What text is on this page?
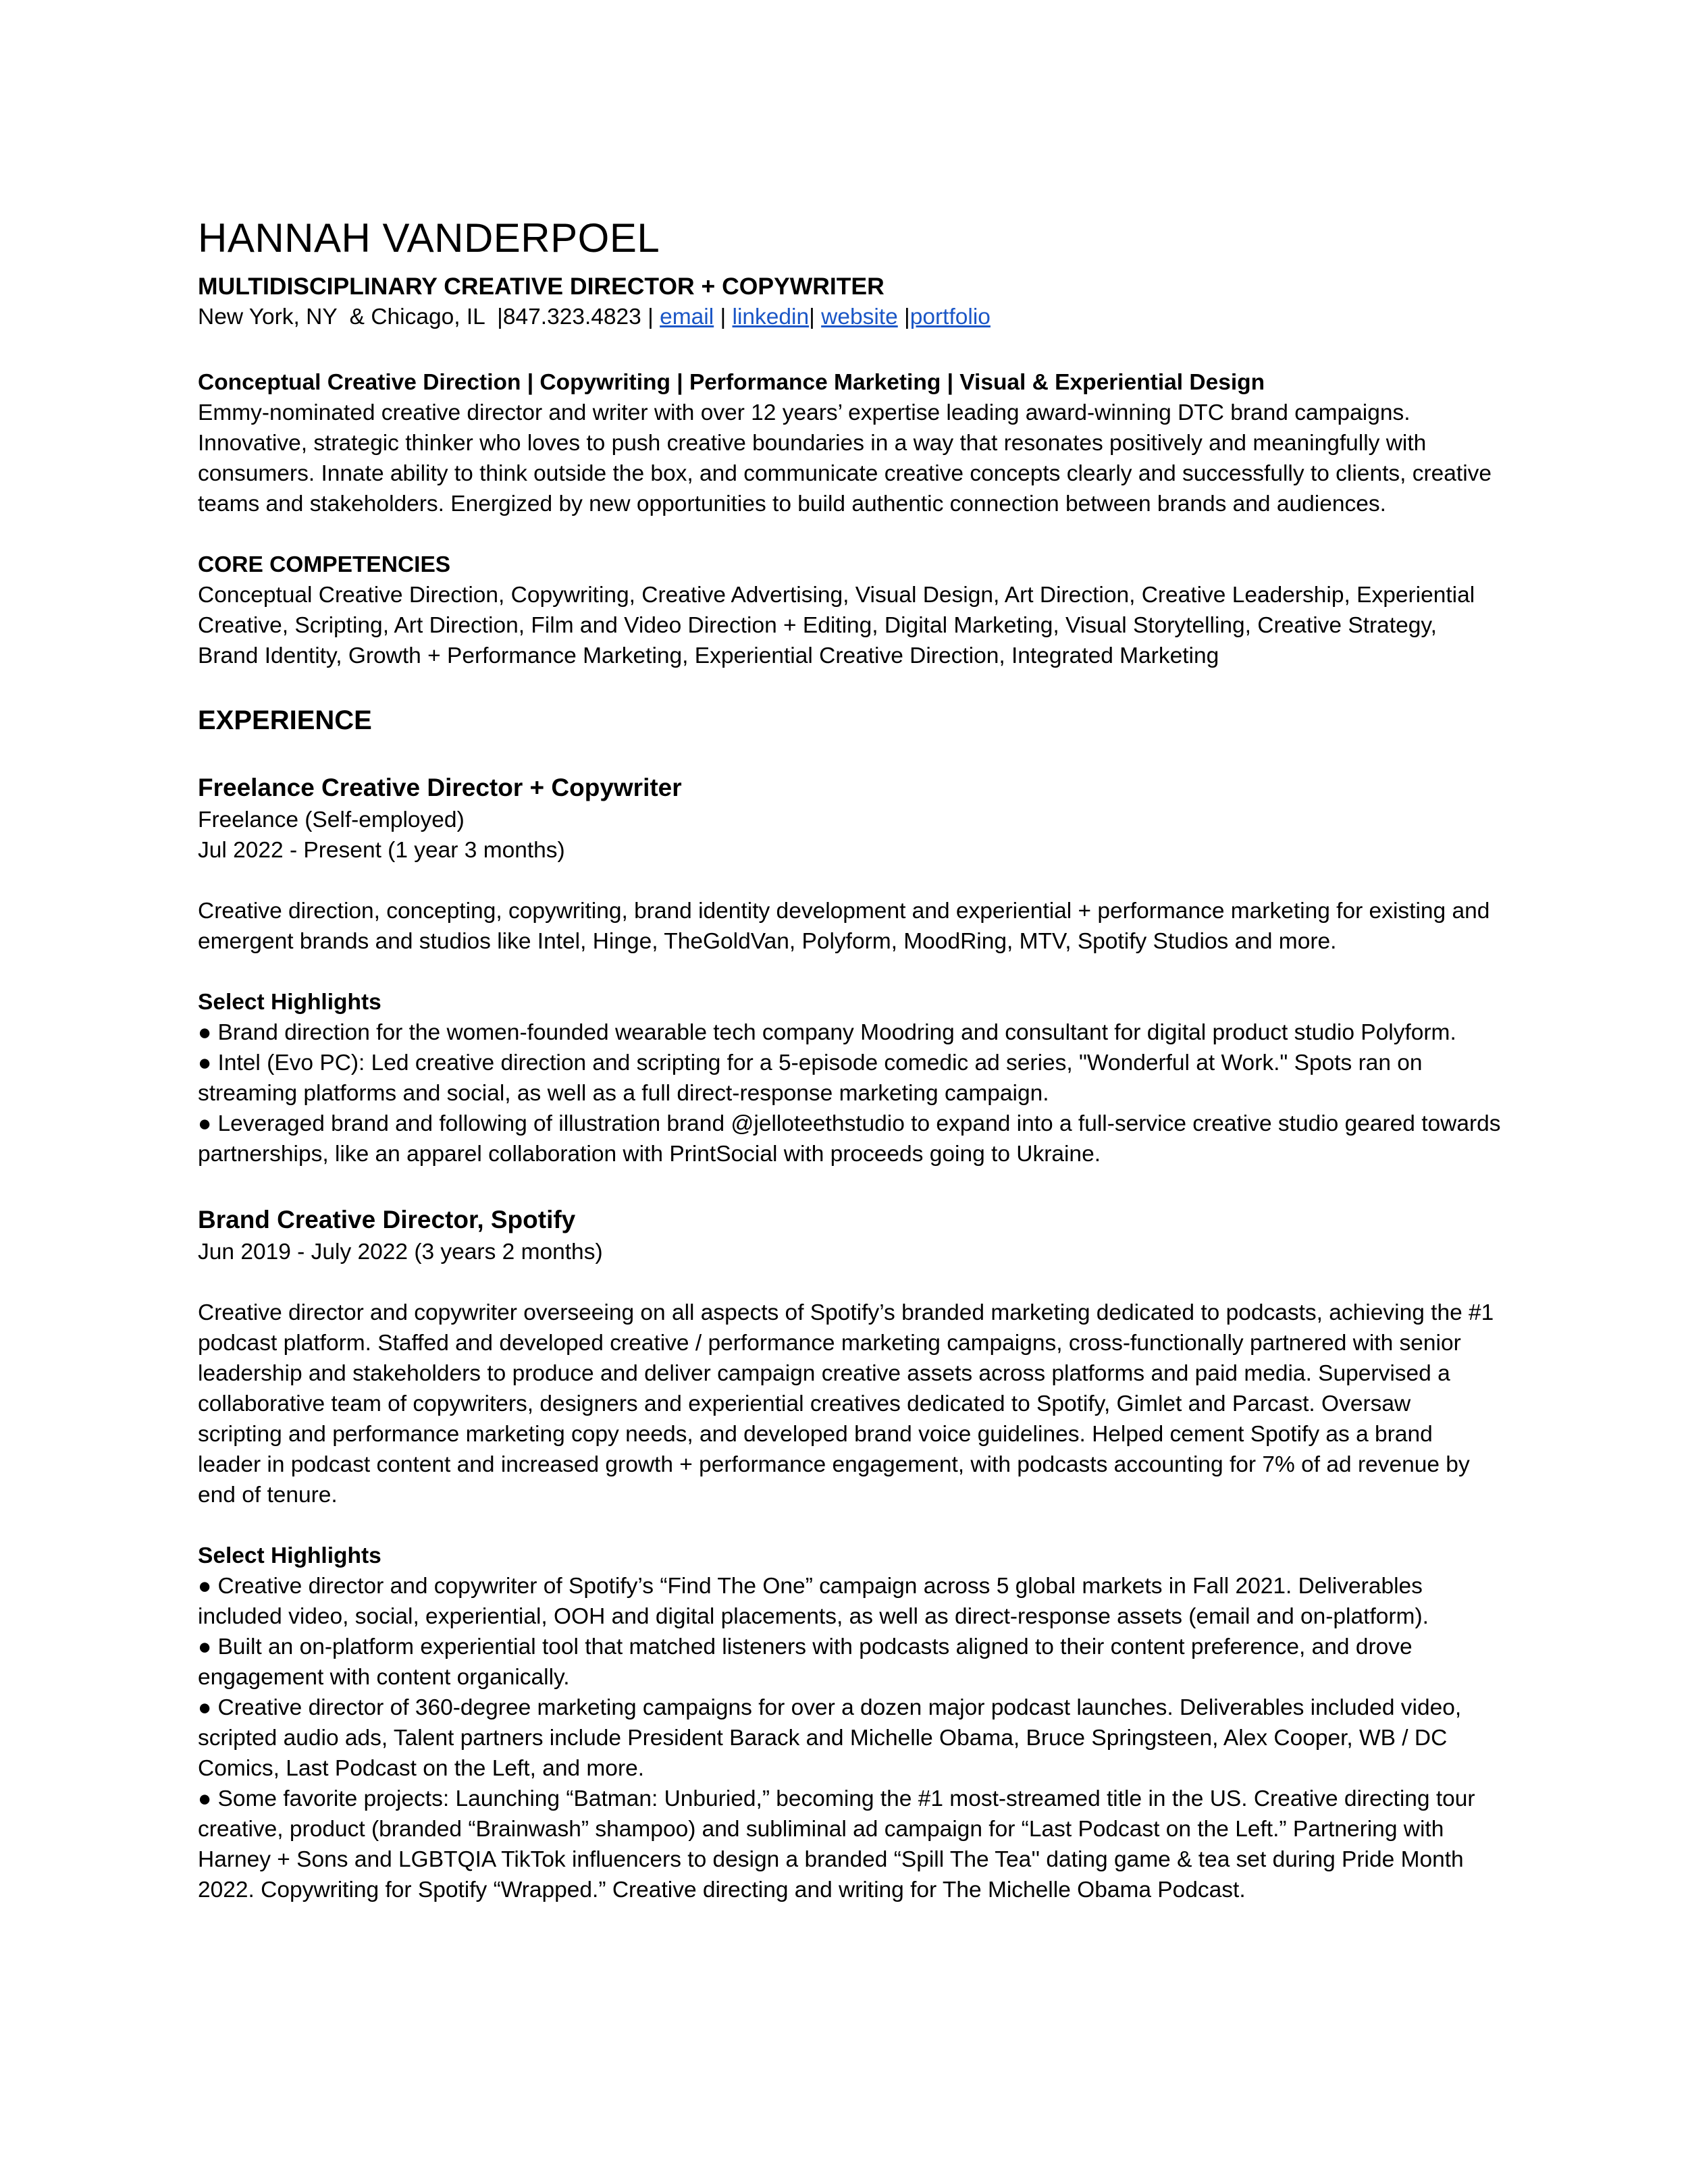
HANNAH VANDERPOEL
MULTIDISCIPLINARY CREATIVE DIRECTOR + COPYWRITER
New York, NY  & Chicago, IL  |847.323.4823 | email | linkedin| website |portfolio

Conceptual Creative Direction | Copywriting | Performance Marketing | Visual & Experiential Design

Emmy-nominated creative director and writer with over 12 years’ expertise leading award-winning DTC brand campaigns. Innovative, strategic thinker who loves to push creative boundaries in a way that resonates positively and meaningfully with consumers. Innate ability to think outside the box, and communicate creative concepts clearly and successfully to clients, creative teams and stakeholders. Energized by new opportunities to build authentic connection between brands and audiences.

CORE COMPETENCIES

Conceptual Creative Direction, Copywriting, Creative Advertising, Visual Design, Art Direction, Creative Leadership, Experiential Creative, Scripting, Art Direction, Film and Video Direction + Editing, Digital Marketing, Visual Storytelling, Creative Strategy, Brand Identity, Growth + Performance Marketing, Experiential Creative Direction, Integrated Marketing

EXPERIENCE
Freelance Creative Director + Copywriter

Freelance (Self-employed)

Jul 2022 - Present (1 year 3 months)

Creative direction, concepting, copywriting, brand identity development and experiential + performance marketing for existing and emergent brands and studios like Intel, Hinge, TheGoldVan, Polyform, MoodRing, MTV, Spotify Studios and more.

Select Highlights

● Brand direction for the women-founded wearable tech company Moodring and consultant for digital product studio Polyform.

● Intel (Evo PC): Led creative direction and scripting for a 5-episode comedic ad series, "Wonderful at Work." Spots ran on streaming platforms and social, as well as a full direct-response marketing campaign.

● Leveraged brand and following of illustration brand @jelloteethstudio to expand into a full-service creative studio geared towards partnerships, like an apparel collaboration with PrintSocial with proceeds going to Ukraine.

Brand Creative Director, Spotify

Jun 2019 - July 2022 (3 years 2 months)

Creative director and copywriter overseeing on all aspects of Spotify’s branded marketing dedicated to podcasts, achieving the #1 podcast platform. Staffed and developed creative / performance marketing campaigns, cross-functionally partnered with senior leadership and stakeholders to produce and deliver campaign creative assets across platforms and paid media. Supervised a collaborative team of copywriters, designers and experiential creatives dedicated to Spotify, Gimlet and Parcast. Oversaw scripting and performance marketing copy needs, and developed brand voice guidelines. Helped cement Spotify as a brand leader in podcast content and increased growth + performance engagement, with podcasts accounting for 7% of ad revenue by end of tenure.

Select Highlights

● Creative director and copywriter of Spotify’s “Find The One” campaign across 5 global markets in Fall 2021. Deliverables included video, social, experiential, OOH and digital placements, as well as direct-response assets (email and on-platform).

● Built an on-platform experiential tool that matched listeners with podcasts aligned to their content preference, and drove engagement with content organically.

● Creative director of 360-degree marketing campaigns for over a dozen major podcast launches. Deliverables included video, scripted audio ads, Talent partners include President Barack and Michelle Obama, Bruce Springsteen, Alex Cooper, WB / DC Comics, Last Podcast on the Left, and more.

● Some favorite projects: Launching “Batman: Unburied,” becoming the #1 most-streamed title in the US. Creative directing tour creative, product (branded “Brainwash” shampoo) and subliminal ad campaign for “Last Podcast on the Left.” Partnering with Harney + Sons and LGBTQIA TikTok influencers to design a branded “Spill The Tea'' dating game & tea set during Pride Month 2022. Copywriting for Spotify “Wrapped.” Creative directing and writing for The Michelle Obama Podcast.
